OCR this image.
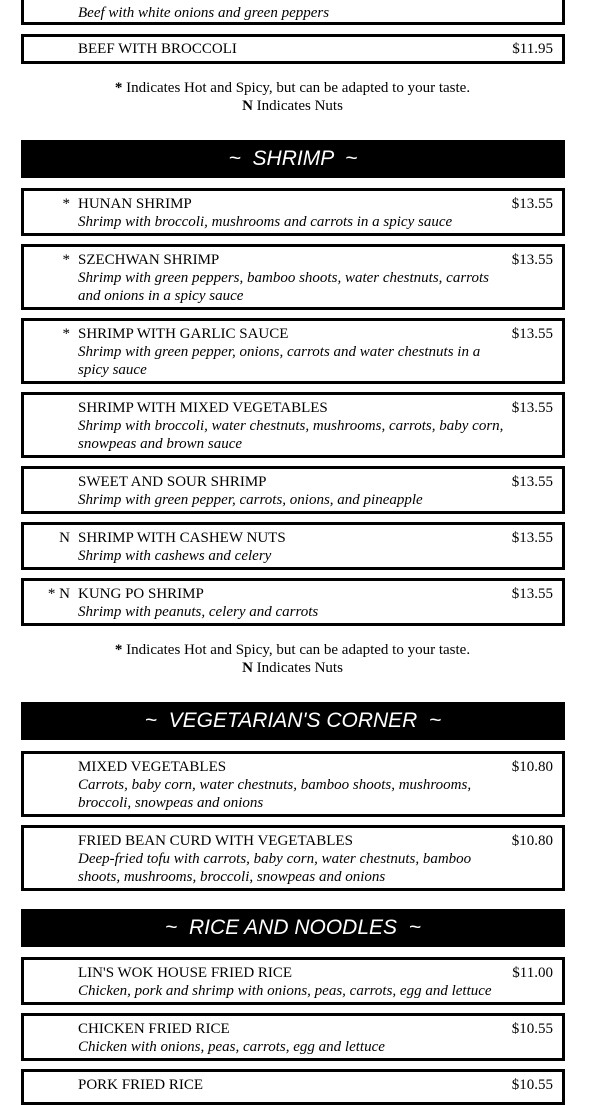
Beef with white onions and green peppers
BEEF WITH BROCCOLI	$11.95
* Indicates Hot and Spicy, but can be adapted to your taste.
N Indicates Nuts
~  SHRIMP  ~
* HUNAN SHRIMP
Shrimp with broccoli, mushrooms and carrots in a spicy sauce
$13.55
* SZECHWAN SHRIMP
Shrimp with green peppers, bamboo shoots, water chestnuts, carrots and onions in a spicy sauce
$13.55
* SHRIMP WITH GARLIC SAUCE
Shrimp with green pepper, onions, carrots and water chestnuts in a spicy sauce
$13.55
SHRIMP WITH MIXED VEGETABLES
Shrimp with broccoli, water chestnuts, mushrooms, carrots, baby corn, snowpeas and brown sauce
$13.55
SWEET AND SOUR SHRIMP
Shrimp with green pepper, carrots, onions, and pineapple
$13.55
N SHRIMP WITH CASHEW NUTS
Shrimp with cashews and celery
$13.55
* N KUNG PO SHRIMP
Shrimp with peanuts, celery and carrots
$13.55
* Indicates Hot and Spicy, but can be adapted to your taste.
N Indicates Nuts
~  VEGETARIAN'S CORNER  ~
MIXED VEGETABLES
Carrots, baby corn, water chestnuts, bamboo shoots, mushrooms, broccoli, snowpeas and onions
$10.80
FRIED BEAN CURD WITH VEGETABLES
Deep-fried tofu with carrots, baby corn, water chestnuts, bamboo shoots, mushrooms, broccoli, snowpeas and onions
$10.80
~  RICE AND NOODLES  ~
LIN'S WOK HOUSE FRIED RICE
Chicken, pork and shrimp with onions, peas, carrots, egg and lettuce
$11.00
CHICKEN FRIED RICE
Chicken with onions, peas, carrots, egg and lettuce
$10.55
PORK FRIED RICE	$10.55
